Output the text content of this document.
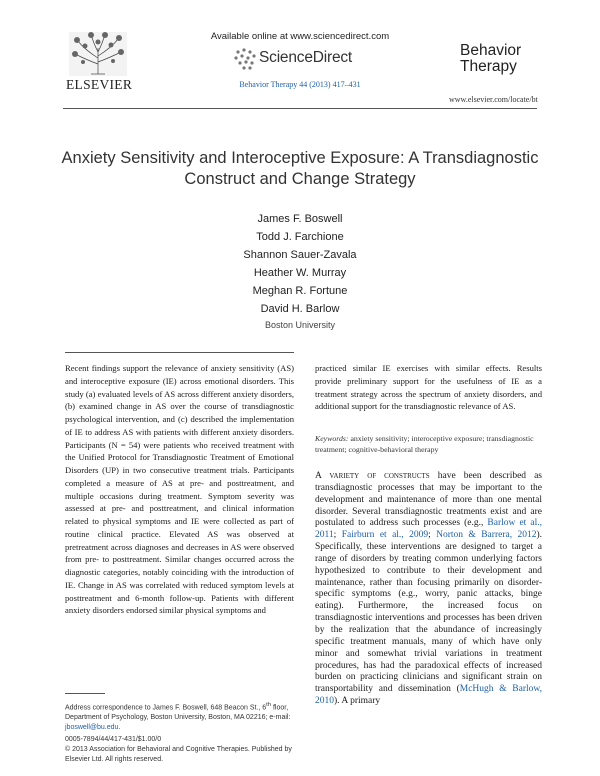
ELSEVIER
Available online at www.sciencedirect.com
ScienceDirect
Behavior Therapy 44 (2013) 417–431
Behavior
Therapy
www.elsevier.com/locate/bt
Anxiety Sensitivity and Interoceptive Exposure: A Transdiagnostic Construct and Change Strategy
James F. Boswell
Todd J. Farchione
Shannon Sauer-Zavala
Heather W. Murray
Meghan R. Fortune
David H. Barlow
Boston University
Recent findings support the relevance of anxiety sensitivity (AS) and interoceptive exposure (IE) across emotional disorders. This study (a) evaluated levels of AS across different anxiety disorders, (b) examined change in AS over the course of transdiagnostic psychological intervention, and (c) described the implementation of IE to address AS with patients with different anxiety disorders. Participants (N = 54) were patients who received treatment with the Unified Protocol for Transdiagnostic Treatment of Emotional Disorders (UP) in two consecutive treatment trials. Participants completed a measure of AS at pre- and posttreatment, and multiple occasions during treatment. Symptom severity was assessed at pre- and posttreatment, and clinical information related to physical symptoms and IE were collected as part of routine clinical practice. Elevated AS was observed at pretreatment across diagnoses and decreases in AS were observed from pre- to posttreatment. Similar changes occurred across the diagnostic categories, notably coinciding with the introduction of IE. Change in AS was correlated with reduced symptom levels at posttreatment and 6-month follow-up. Patients with different anxiety disorders endorsed similar physical symptoms and
practiced similar IE exercises with similar effects. Results provide preliminary support for the usefulness of IE as a treatment strategy across the spectrum of anxiety disorders, and additional support for the transdiagnostic relevance of AS.
Keywords: anxiety sensitivity; interoceptive exposure; transdiagnostic treatment; cognitive-behavioral therapy
A variety of constructs have been described as transdiagnostic processes that may be important to the development and maintenance of more than one mental disorder. Several transdiagnostic treatments exist and are postulated to address such processes (e.g., Barlow et al., 2011; Fairburn et al., 2009; Norton & Barrera, 2012). Specifically, these interventions are designed to target a range of disorders by treating common underlying factors hypothesized to contribute to their development and maintenance, rather than focusing primarily on disorder-specific symptoms (e.g., worry, panic attacks, binge eating). Furthermore, the increased focus on transdiagnostic interventions and processes has been driven by the realization that the abundance of increasingly specific treatment manuals, many of which have only minor and somewhat trivial variations in treatment procedures, has had the paradoxical effects of increased burden on practicing clinicians and significant strain on transportability and dissemination (McHugh & Barlow, 2010). A primary
Address correspondence to James F. Boswell, 648 Beacon St., 6th floor, Department of Psychology, Boston University, Boston, MA 02216; e-mail: jboswell@bu.edu.
0005-7894/44/417-431/$1.00/0
© 2013 Association for Behavioral and Cognitive Therapies. Published by Elsevier Ltd. All rights reserved.
